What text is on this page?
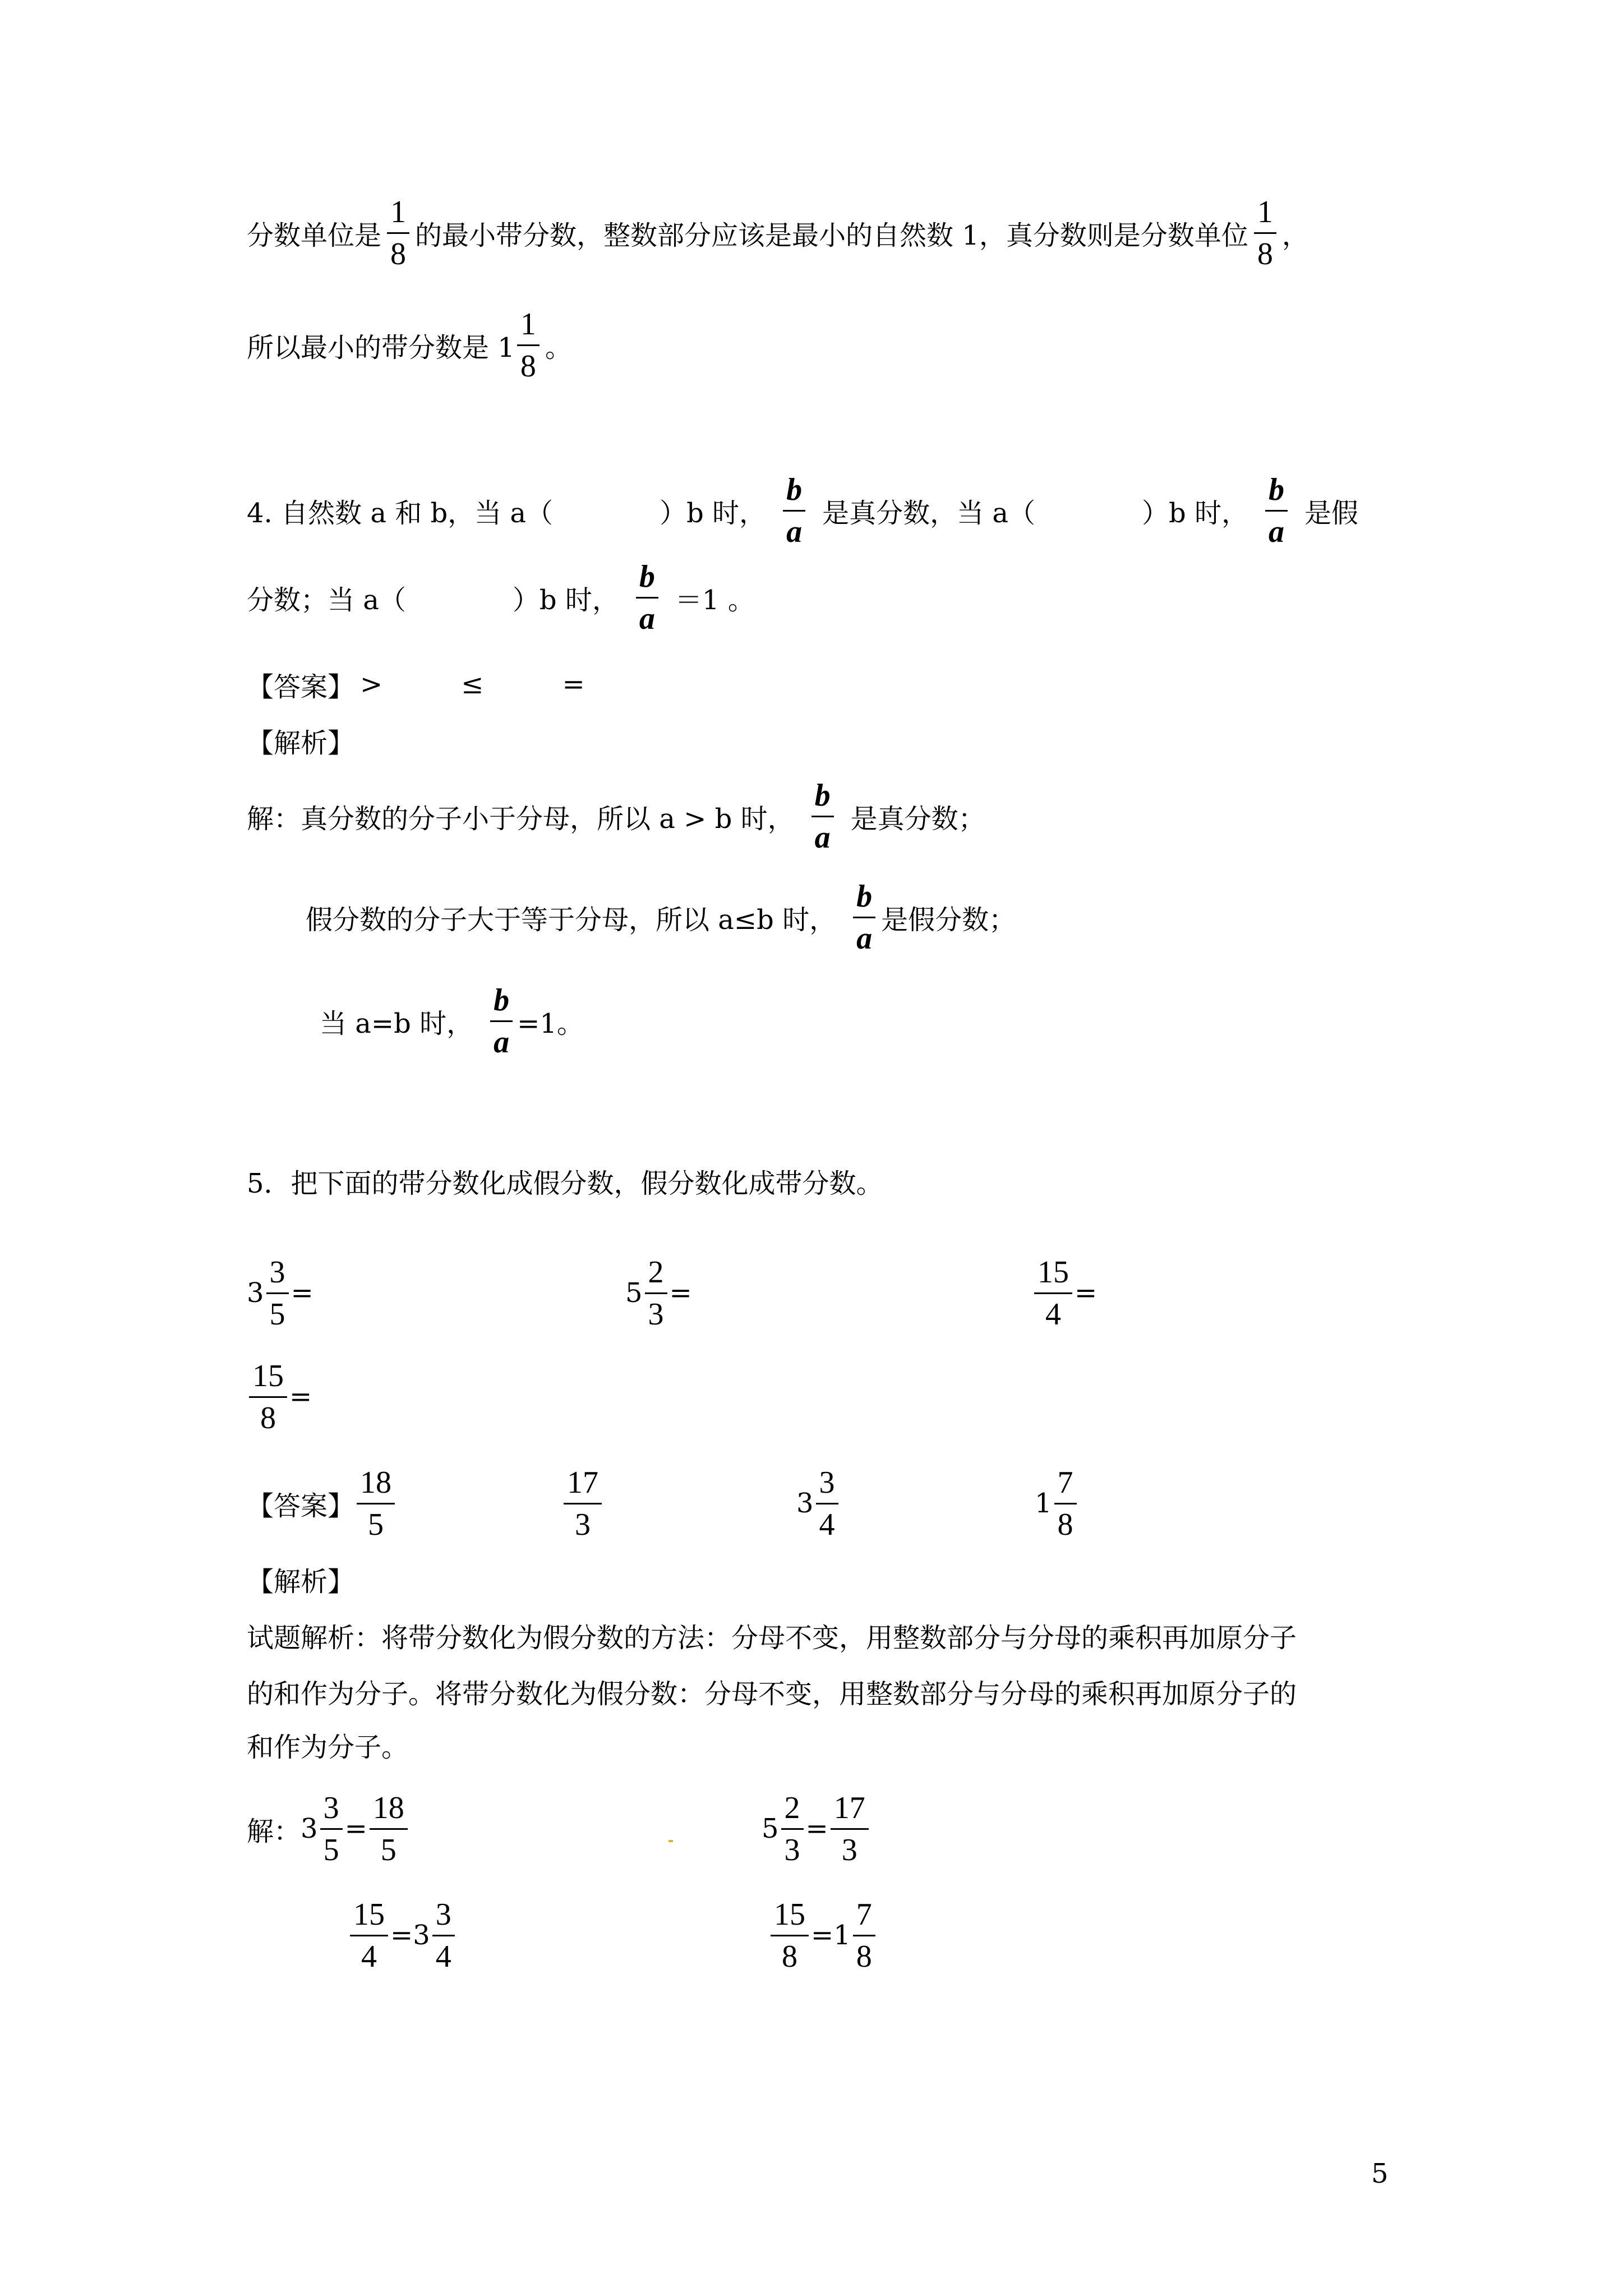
分数单位是 $\frac{1}{8}$ 的最小带分数，整数部分应该是最小的自然数 1，真分数则是分数单位 $\frac{1}{8}$ ，
所以最小的带分数是 $1 \frac{1}{8}$ 。
4. 自然数 a 和 b，当 a（	）b 时， $\frac{b}{a}$ 是真分数，当 a（	）b 时， $\frac{b}{a}$ 是假
分数；当 a（	）b 时， $\frac{b}{a} =1$ 。
【答案】 >	≤	=
【解析】
解：真分数的分子小于分母，所以 a > b 时， $\frac{b}{a}$ 是真分数；
假分数的分子大于等于分母，所以 a≤b 时， $\frac{b}{a}$ 是假分数；
当 a=b 时， $\frac{b}{a} =1$。
5．把下面的带分数化成假分数，假分数化成带分数。
$3 \frac{3}{5}$ =	$5 \frac{2}{3}$ =	$\frac{15}{4}$ =
$\frac{15}{8}$ =
【答案】 $\frac{18}{5}$	$\frac{17}{3}$	$3 \frac{3}{4}$	$1 \frac{7}{8}$
【解析】
试题解析：将带分数化为假分数的方法：分母不变，用整数部分与分母的乘积再加原分子
的和作为分子。将带分数化为假分数：分母不变，用整数部分与分母的乘积再加原分子的
和作为分子。
解： $3 \frac{3}{5} = \frac{18}{5}$	$5 \frac{2}{3} = \frac{17}{3}$
$\frac{15}{4} =3 \frac{3}{4}$	$\frac{15}{8} =1 \frac{7}{8}$
5
